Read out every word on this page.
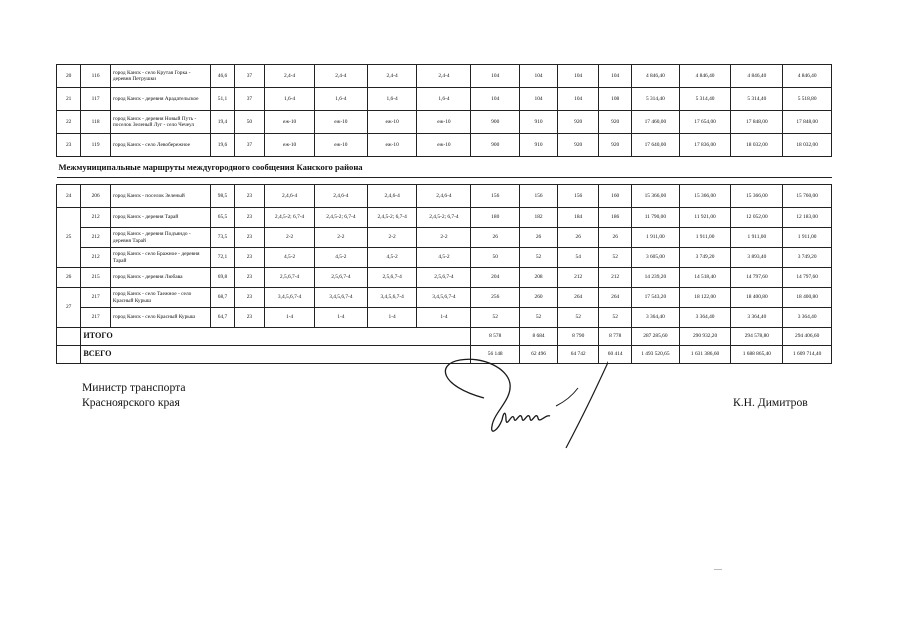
20	116	город Канск - село Крутая Горка - деревня Петрушки	46,6	37	2,4-4	2,4-4	2,4-4	2,4-4	104	104	104	104	4 846,40	4 846,40	4 846,40	4 846,40
21	117	город Канск - деревня Арадательское	51,1	37	1,6-4	1,6-4	1,6-4	1,6-4	104	104	104	108	5 314,40	5 314,40	5 314,40	5 518,80
22	118	город Канск - деревня Новый Путь - поселок Зеленый Луг - село Чечеул	19,4	50	еж-10	еж-10	еж-10	еж-10	900	910	920	920	17 460,00	17 654,00	17 848,00	17 848,00
23	119	город Канск - село Левобережное	19,6	37	еж-10	еж-10	еж-10	еж-10	900	910	920	920	17 640,00	17 836,00	18 032,00	18 032,00
Межмуниципальные маршруты междугородного сообщения Канского района																

24	206	город Канск - поселок Зеленый	98,5	23	2,4,6-4	2,4,6-4	2,4,6-4	2,4,6-4	156	156	156	160	15 366,00	15 366,00	15 366,00	15 760,00
25	212	город Канск - деревня Тарай	65,5	23	2,4,5-2; 6,7-4	2,4,5-2; 6,7-4	2,4,5-2; 6,7-4	2,4,5-2; 6,7-4	180	182	184	186	11 790,00	11 921,00	12 052,00	12 183,00
	212	город Канск - деревня Подъяндо - деревня Тарай	73,5	23	2-2	2-2	2-2	2-2	26	26	26	26	1 911,00	1 911,00	1 911,00	1 911,00
	212	город Канск - село Бражное - деревня Тарай	72,1	23	4,5-2	4,5-2	4,5-2	4,5-2	50	52	54	52	3 605,00	3 749,20	3 893,40	3 749,20
26	215	город Канск - деревня Любава	69,8	23	2,5,6,7-4	2,5,6,7-4	2,5,6,7-4	2,5,6,7-4	204	208	212	212	14 239,20	14 518,40	14 797,60	14 797,60
27	217	город Канск - село Таежное - село Красный Курыш	68,7	23	3,4,5,6,7-4	3,4,5,6,7-4	3,4,5,6,7-4	3,4,5,6,7-4	256	260	264	264	17 543,20	18 122,00	18 400,80	18 400,80
	217	город Канск - село Красный Курыш	64,7	23	1-4	1-4	1-4	1-4	52	52	52	52	3 364,40	3 364,40	3 364,40	3 364,40
	ИТОГО								8 578	8 684	8 790	8 778	287 285,60	290 932,20	294 578,80	294 406,60
	ВСЕГО								56 148	62 496	64 742	60 414	1 493 520,65	1 631 386,60	1 688 865,40	1 609 714,40
Министр транспорта
Красноярского края	К.Н. Димитров
